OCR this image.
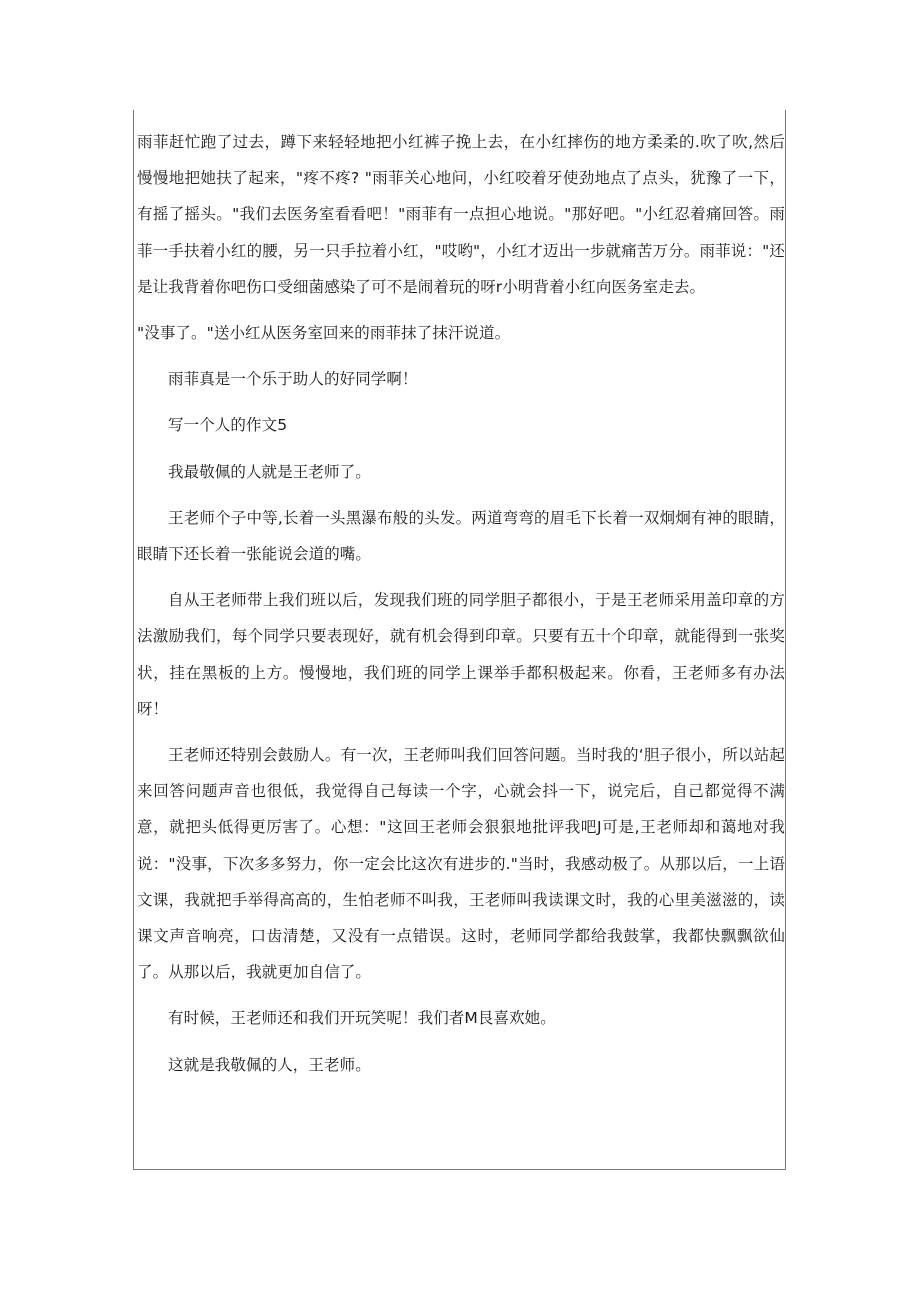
雨菲赶忙跑了过去，蹲下来轻轻地把小红裤子挽上去，在小红摔伤的地方柔柔的.吹了吹,然后慢慢地把她扶了起来，"疼不疼? "雨菲关心地问，小红咬着牙使劲地点了点头，犹豫了一下，有摇了摇头。"我们去医务室看看吧！"雨菲有一点担心地说。"那好吧。"小红忍着痛回答。雨菲一手扶着小红的腰，另一只手拉着小红，"哎哟"，小红才迈出一步就痛苦万分。雨菲说："还是让我背着你吧伤口受细菌感染了可不是闹着玩的呀r小明背着小红向医务室走去。

"没事了。"送小红从医务室回来的雨菲抹了抹汗说道。

雨菲真是一个乐于助人的好同学啊！

写一个人的作文5

我最敬佩的人就是王老师了。

王老师个子中等,长着一头黑瀑布般的头发。两道弯弯的眉毛下长着一双炯炯有神的眼睛，眼睛下还长着一张能说会道的嘴。

自从王老师带上我们班以后，发现我们班的同学胆子都很小，于是王老师采用盖印章的方法激励我们，每个同学只要表现好，就有机会得到印章。只要有五十个印章，就能得到一张奖状，挂在黑板的上方。慢慢地，我们班的同学上课举手都积极起来。你看，王老师多有办法呀！

王老师还特别会鼓励人。有一次，王老师叫我们回答问题。当时我的‘胆子很小，所以站起来回答问题声音也很低，我觉得自己每读一个字，心就会抖一下，说完后，自己都觉得不满意，就把头低得更厉害了。心想："这回王老师会狠狠地批评我吧J可是,王老师却和蔼地对我说："没事，下次多多努力，你一定会比这次有进步的."当时，我感动极了。从那以后，一上语文课，我就把手举得高高的，生怕老师不叫我，王老师叫我读课文时，我的心里美滋滋的，读课文声音响亮，口齿清楚，又没有一点错误。这时，老师同学都给我鼓掌，我都快飘飘欲仙了。从那以后，我就更加自信了。

有时候，王老师还和我们开玩笑呢！我们者M艮喜欢她。

这就是我敬佩的人，王老师。
